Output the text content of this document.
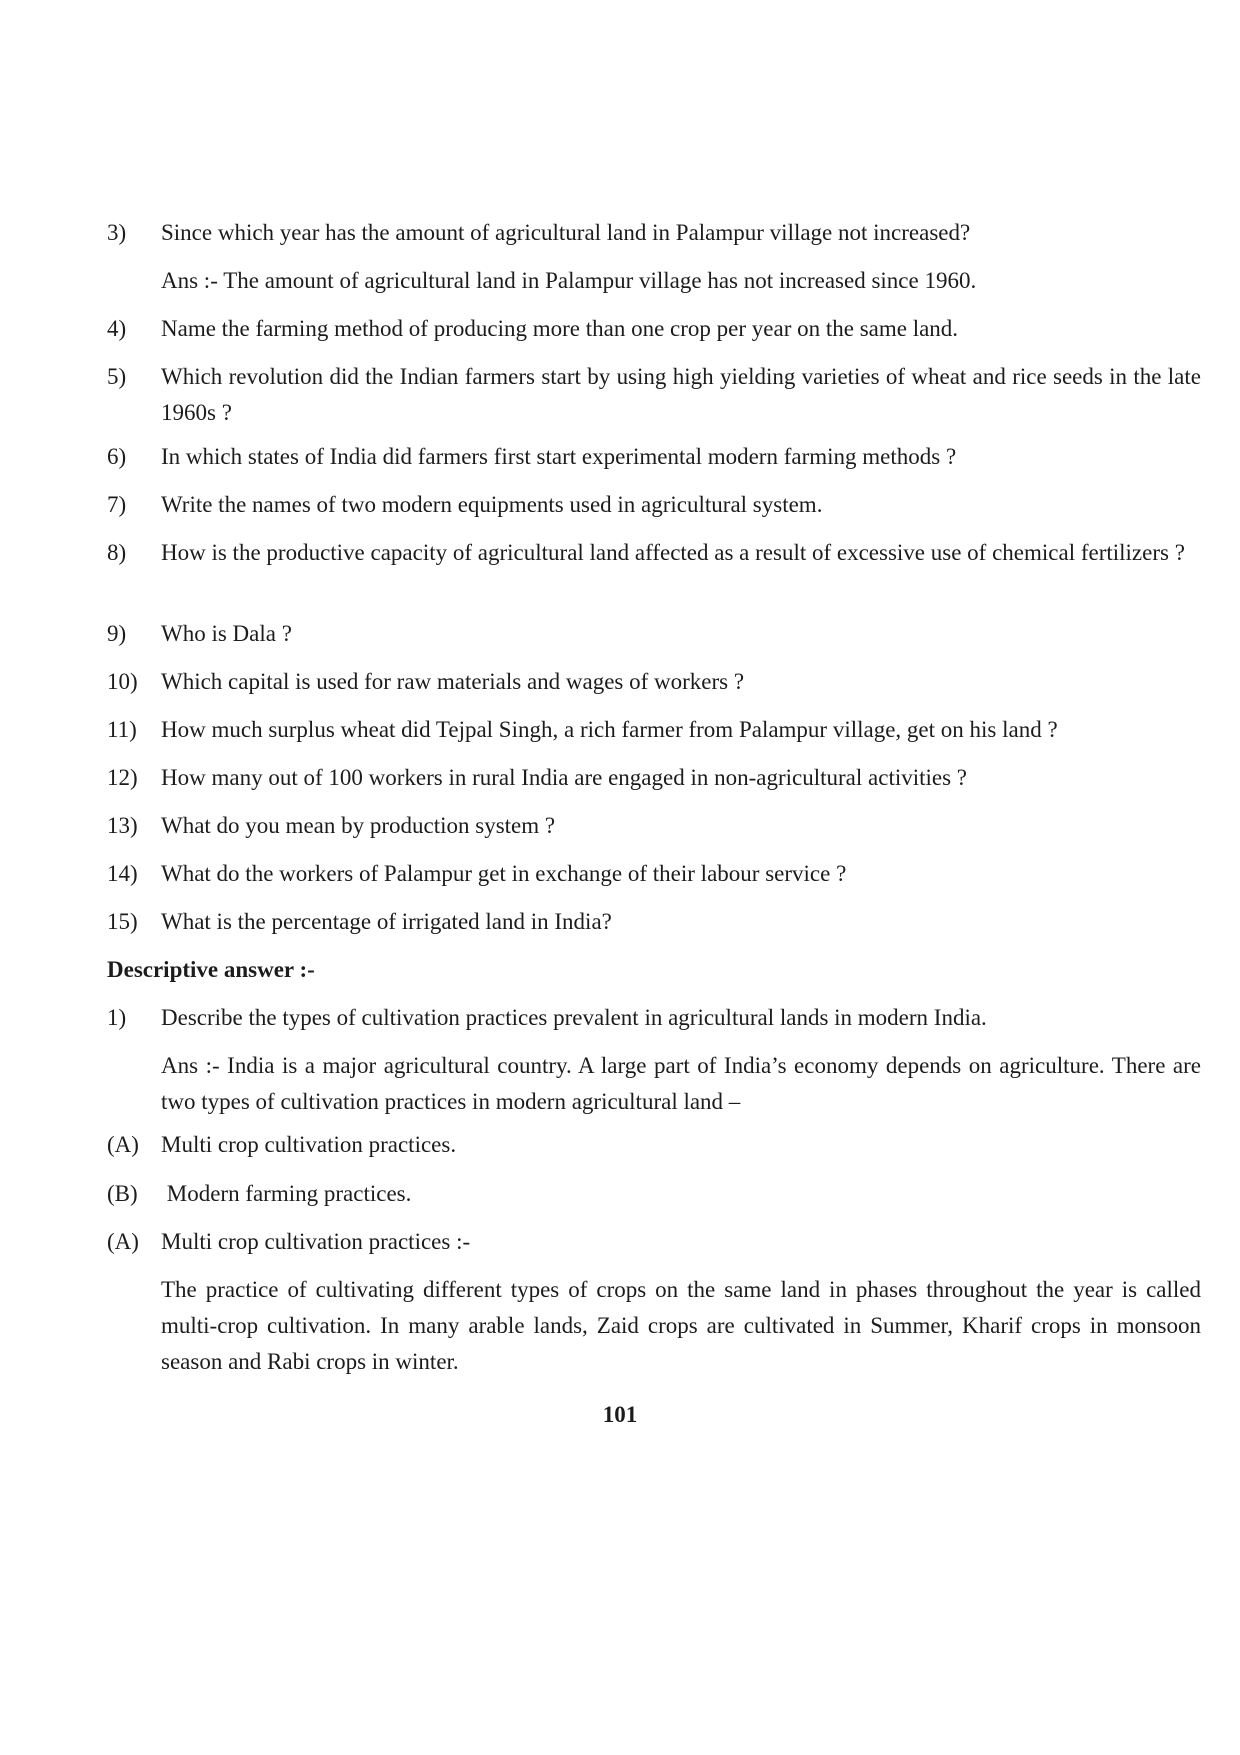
3) Since which year has the amount of agricultural land in Palampur village not increased?
Ans :- The amount of agricultural land in Palampur village has not increased since 1960.
4) Name the farming method of producing more than one crop per year on the same land.
5) Which revolution did the Indian farmers start by using high yielding varieties of wheat and rice seeds in the late 1960s ?
6) In which states of India did farmers first start experimental modern farming methods ?
7) Write the names of two modern equipments used in agricultural system.
8) How is the productive capacity of agricultural land affected as a result of excessive use of chemical fertilizers ?
9) Who is Dala ?
10) Which capital is used for raw materials and wages of workers ?
11) How much surplus wheat did Tejpal Singh, a rich farmer from Palampur village, get on his land ?
12) How many out of 100 workers in rural India are engaged in non-agricultural activities ?
13) What do you mean by production system ?
14) What do the workers of Palampur get in exchange of their labour service ?
15) What is the percentage of irrigated land in India?
Descriptive answer :-
1) Describe the types of cultivation practices prevalent in agricultural lands in modern India.
Ans :- India is a major agricultural country. A large part of India’s economy depends on agriculture. There are two types of cultivation practices in modern agricultural land –
(A) Multi crop cultivation practices.
(B) Modern farming practices.
(A) Multi crop cultivation practices :-
The practice of cultivating different types of crops on the same land in phases throughout the year is called multi-crop cultivation. In many arable lands, Zaid crops are cultivated in Summer, Kharif crops in monsoon season and Rabi crops in winter.
101
